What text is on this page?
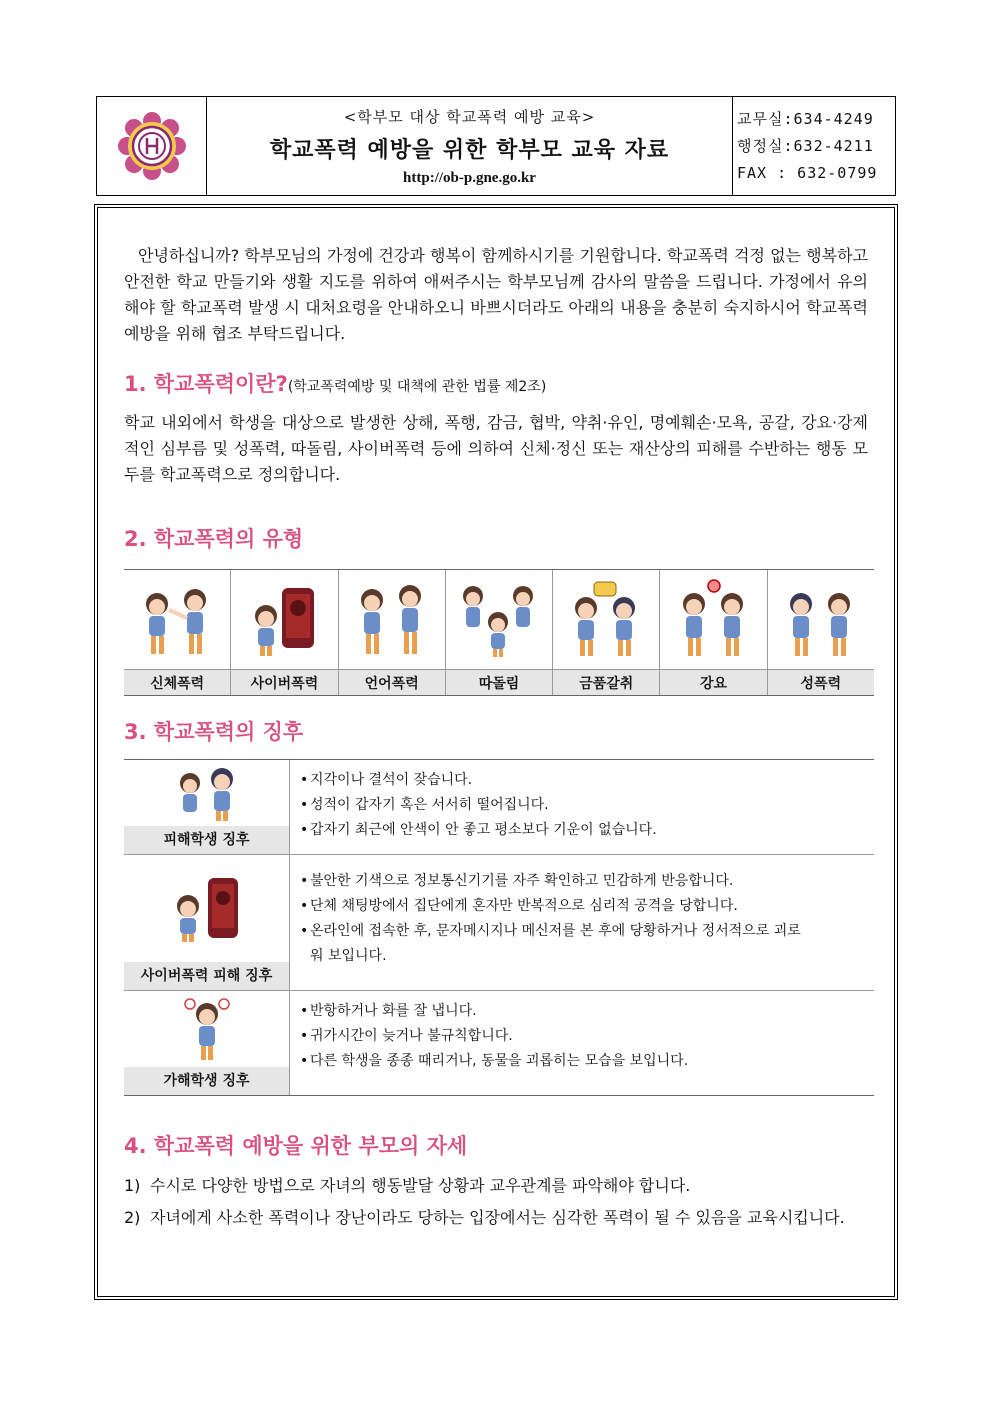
<학부모 대상 학교폭력 예방 교육>
학교폭력 예방을 위한 학부모 교육 자료
http://ob-p.gne.go.kr
교무실:634-4249
행정실:632-4211
FAX : 632-0799

안녕하십니까? 학부모님의 가정에 건강과 행복이 함께하시기를 기원합니다. 학교폭력 걱정 없는 행복하고 안전한 학교 만들기와 생활 지도를 위하여 애써주시는 학부모님께 감사의 말씀을 드립니다. 가정에서 유의해야 할 학교폭력 발생 시 대처요령을 안내하오니 바쁘시더라도 아래의 내용을 충분히 숙지하시어 학교폭력 예방을 위해 협조 부탁드립니다.

1. 학교폭력이란?(학교폭력예방 및 대책에 관한 법률 제2조)

학교 내외에서 학생을 대상으로 발생한 상해, 폭행, 감금, 협박, 약취·유인, 명예훼손·모욕, 공갈, 강요·강제적인 심부름 및 성폭력, 따돌림, 사이버폭력 등에 의하여 신체·정신 또는 재산상의 피해를 수반하는 행동 모두를 학교폭력으로 정의합니다.

2. 학교폭력의 유형
신체폭력	사이버폭력	언어폭력	따돌림	금품갈취	강요	성폭력
3. 학교폭력의 징후
피해학생 징후
• 지각이나 결석이 잦습니다.
• 성적이 갑자기 혹은 서서히 떨어집니다.
• 갑자기 최근에 안색이 안 좋고 평소보다 기운이 없습니다.
사이버폭력 피해 징후
• 불안한 기색으로 정보통신기기를 자주 확인하고 민감하게 반응합니다.
• 단체 채팅방에서 집단에게 혼자만 반복적으로 심리적 공격을 당합니다.
• 온라인에 접속한 후, 문자메시지나 메신저를 본 후에 당황하거나 정서적으로 괴로워 보입니다.
가해학생 징후
• 반항하거나 화를 잘 냅니다.
• 귀가시간이 늦거나 불규칙합니다.
• 다른 학생을 종종 때리거나, 동물을 괴롭히는 모습을 보입니다.
4. 학교폭력 예방을 위한 부모의 자세
1) 수시로 다양한 방법으로 자녀의 행동발달 상황과 교우관계를 파악해야 합니다.
2) 자녀에게 사소한 폭력이나 장난이라도 당하는 입장에서는 심각한 폭력이 될 수 있음을 교육시킵니다.
